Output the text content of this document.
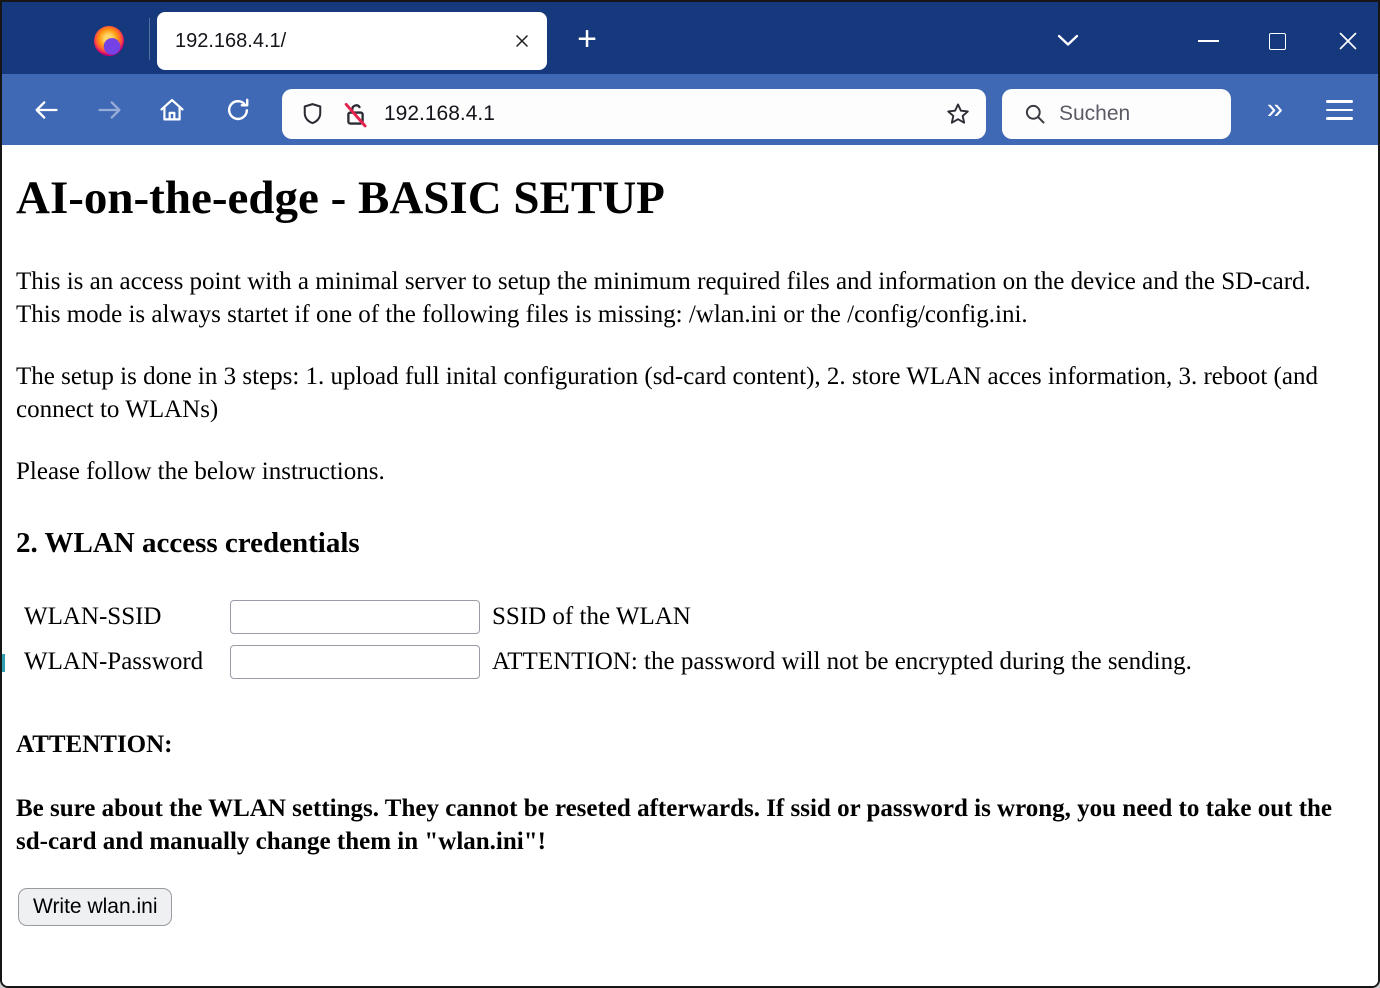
192.168.4.1/	+
192.168.4.1	Suchen	»
AI-on-the-edge - BASIC SETUP

This is an access point with a minimal server to setup the minimum required files and information on the device and the SD-card. This mode is always startet if one of the following files is missing: /wlan.ini or the /config/config.ini.

The setup is done in 3 steps: 1. upload full inital configuration (sd-card content), 2. store WLAN acces information, 3. reboot (and connect to WLANs)

Please follow the below instructions.

2. WLAN access credentials
WLAN-SSID	SSID of the WLAN
WLAN-Password	ATTENTION: the password will not be encrypted during the sending.
ATTENTION:

Be sure about the WLAN settings. They cannot be reseted afterwards. If ssid or password is wrong, you need to take out the sd-card and manually change them in "wlan.ini"!

Write wlan.ini
